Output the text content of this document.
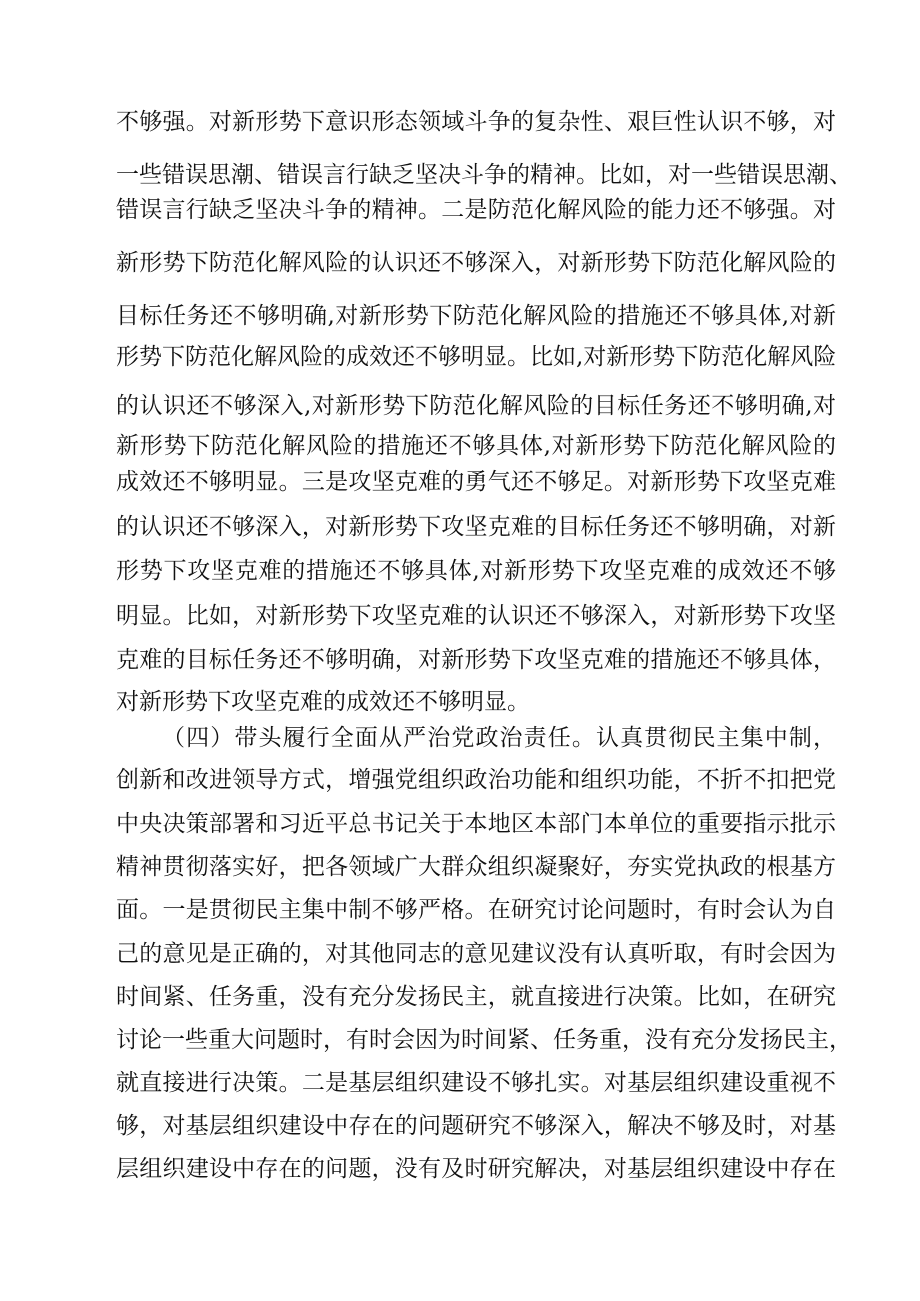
不够强。对新形势下意识形态领域斗争的复杂性、艰巨性认识不够，对
一些错误思潮、错误言行缺乏坚决斗争的精神。比如，对一些错误思潮、
错误言行缺乏坚决斗争的精神。二是防范化解风险的能力还不够强。对
新形势下防范化解风险的认识还不够深入，对新形势下防范化解风险的
目标任务还不够明确,对新形势下防范化解风险的措施还不够具体,对新
形势下防范化解风险的成效还不够明显。比如,对新形势下防范化解风险
的认识还不够深入,对新形势下防范化解风险的目标任务还不够明确,对
新形势下防范化解风险的措施还不够具体,对新形势下防范化解风险的
成效还不够明显。三是攻坚克难的勇气还不够足。对新形势下攻坚克难
的认识还不够深入，对新形势下攻坚克难的目标任务还不够明确，对新
形势下攻坚克难的措施还不够具体,对新形势下攻坚克难的成效还不够
明显。比如，对新形势下攻坚克难的认识还不够深入，对新形势下攻坚
克难的目标任务还不够明确，对新形势下攻坚克难的措施还不够具体，
对新形势下攻坚克难的成效还不够明显。
（四）带头履行全面从严治党政治责任。认真贯彻民主集中制，
创新和改进领导方式，增强党组织政治功能和组织功能，不折不扣把党
中央决策部署和习近平总书记关于本地区本部门本单位的重要指示批示
精神贯彻落实好，把各领域广大群众组织凝聚好，夯实党执政的根基方
面。一是贯彻民主集中制不够严格。在研究讨论问题时，有时会认为自
己的意见是正确的，对其他同志的意见建议没有认真听取，有时会因为
时间紧、任务重，没有充分发扬民主，就直接进行决策。比如，在研究
讨论一些重大问题时，有时会因为时间紧、任务重，没有充分发扬民主，
就直接进行决策。二是基层组织建设不够扎实。对基层组织建设重视不
够，对基层组织建设中存在的问题研究不够深入，解决不够及时，对基
层组织建设中存在的问题，没有及时研究解决，对基层组织建设中存在
